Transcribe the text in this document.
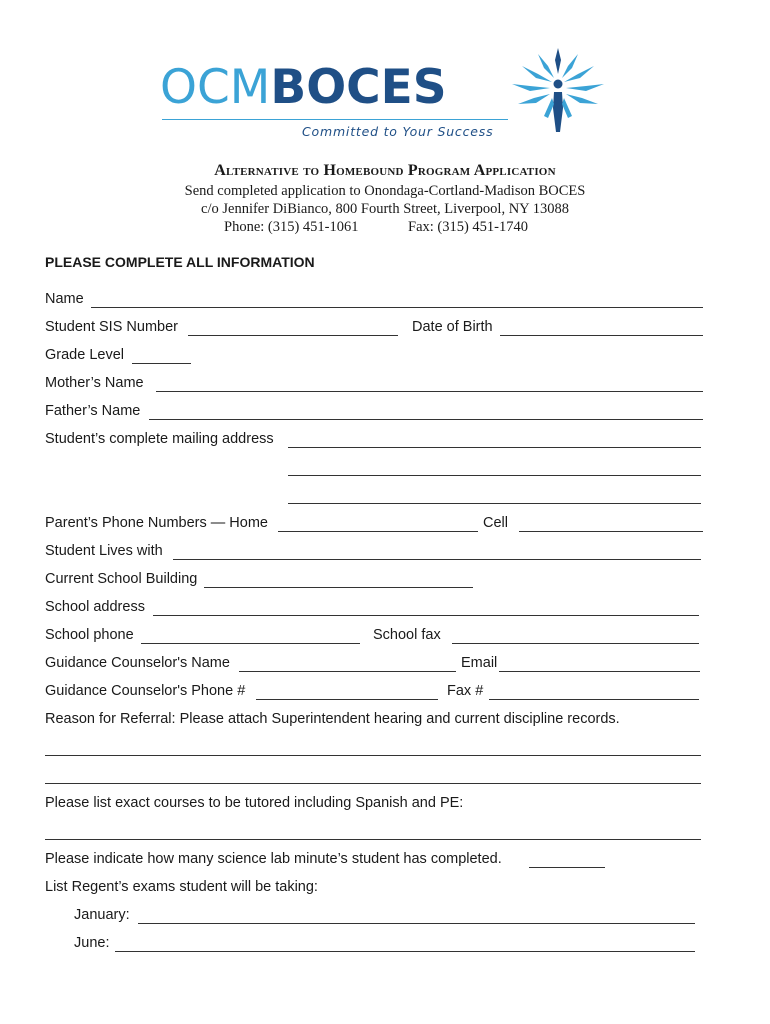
OCMBOCES
Committed to Your Success
Alternative to Homebound Program Application
Send completed application to Onondaga-Cortland-Madison BOCES
c/o Jennifer DiBianco, 800 Fourth Street, Liverpool, NY 13088
Phone: (315) 451-1061	Fax: (315) 451-1740
PLEASE COMPLETE ALL INFORMATION
Name
Student SIS Number	Date of Birth
Grade Level
Mother’s Name
Father’s Name
Student’s complete mailing address
Parent’s Phone Numbers — Home	Cell
Student Lives with
Current School Building
School address
School phone	School fax
Guidance Counselor's Name	Email
Guidance Counselor's Phone #	Fax #
Reason for Referral: Please attach Superintendent hearing and current discipline records.
Please list exact courses to be tutored including Spanish and PE:
Please indicate how many science lab minute’s student has completed.
List Regent’s exams student will be taking:
January:
June:
